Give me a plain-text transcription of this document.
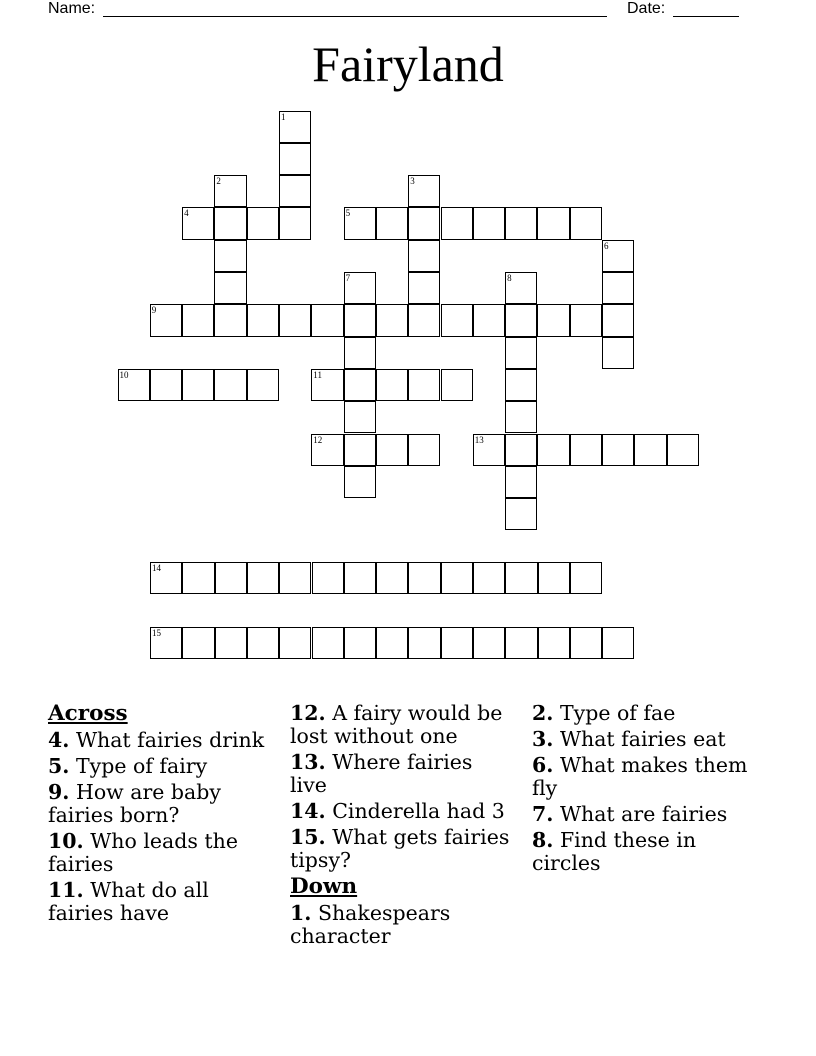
Name:	Date:
Fairyland
1
2	3
4	5
6
7	8
9
10	11
12	13
14
15
Across
4. What fairies drink
5. Type of fairy
9. How are baby fairies born?
10. Who leads the fairies
11. What do all fairies have
12. A fairy would be lost without one
13. Where fairies live
14. Cinderella had 3
15. What gets fairies tipsy?
Down
1. Shakespears character
2. Type of fae
3. What fairies eat
6. What makes them fly
7. What are fairies
8. Find these in circles
